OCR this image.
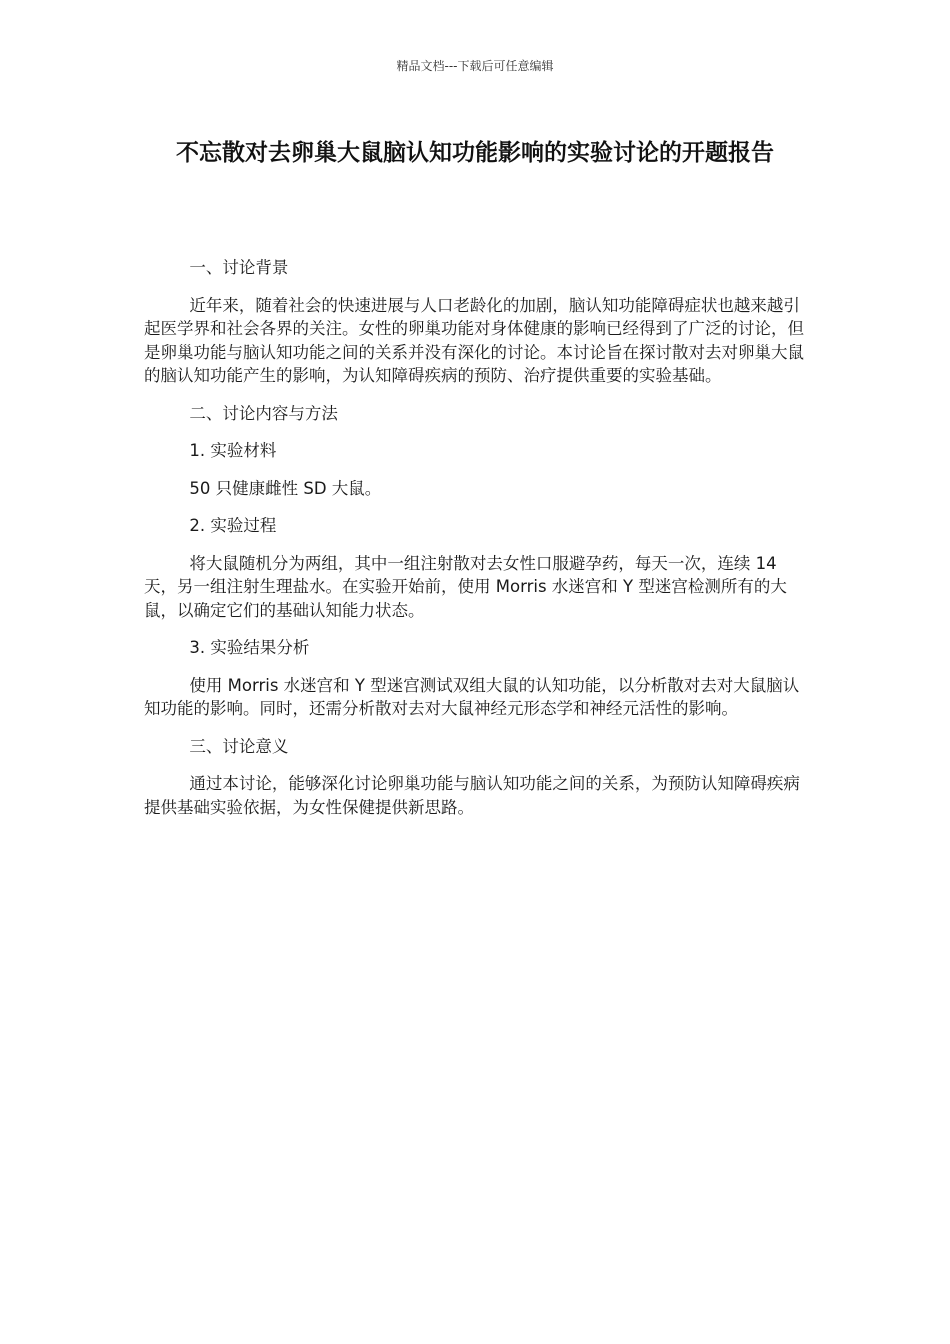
精品文档---下载后可任意编辑
不忘散对去卵巢大鼠脑认知功能影响的实验讨论的开题报告

一、讨论背景

近年来，随着社会的快速进展与人口老龄化的加剧，脑认知功能障碍症状也越来越引起医学界和社会各界的关注。女性的卵巢功能对身体健康的影响已经得到了广泛的讨论，但是卵巢功能与脑认知功能之间的关系并没有深化的讨论。本讨论旨在探讨散对去对卵巢大鼠的脑认知功能产生的影响，为认知障碍疾病的预防、治疗提供重要的实验基础。

二、讨论内容与方法

1. 实验材料

50 只健康雌性 SD 大鼠。

2. 实验过程

将大鼠随机分为两组，其中一组注射散对去女性口服避孕药，每天一次，连续 14 天，另一组注射生理盐水。在实验开始前，使用 Morris 水迷宫和 Y 型迷宫检测所有的大鼠，以确定它们的基础认知能力状态。

3. 实验结果分析

使用 Morris 水迷宫和 Y 型迷宫测试双组大鼠的认知功能，以分析散对去对大鼠脑认知功能的影响。同时，还需分析散对去对大鼠神经元形态学和神经元活性的影响。

三、讨论意义

通过本讨论，能够深化讨论卵巢功能与脑认知功能之间的关系，为预防认知障碍疾病提供基础实验依据，为女性保健提供新思路。
